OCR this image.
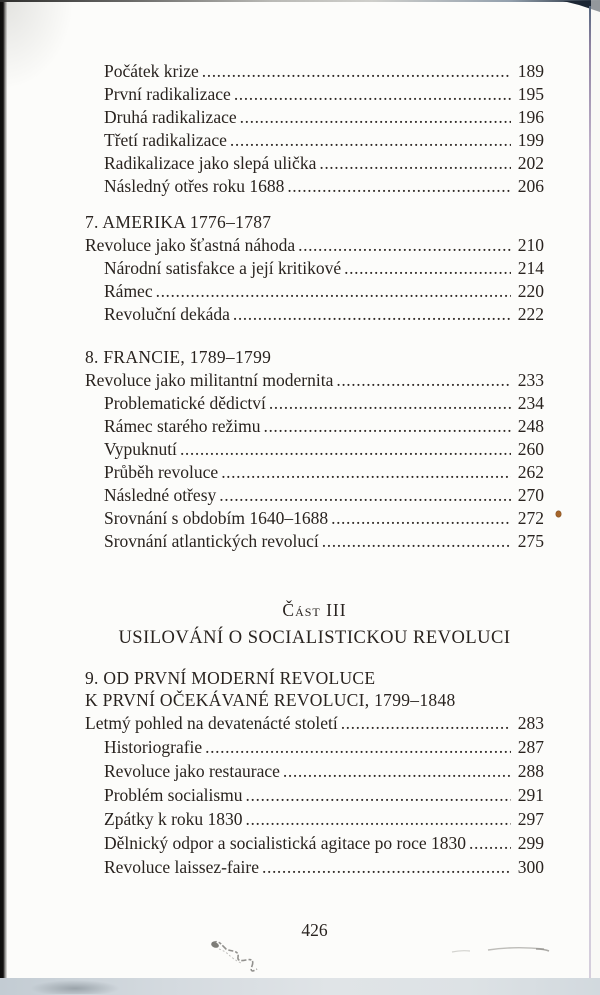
Počátek krize .....	189
První radikalizace .....	195
Druhá radikalizace .....	196
Třetí radikalizace .....	199
Radikalizace jako slepá ulička .....	202
Následný otřes roku 1688 .....	206
7. AMERIKA 1776–1787
Revoluce jako šťastná náhoda .....	210
Národní satisfakce a její kritikové .....	214
Rámec .....	220
Revoluční dekáda .....	222
8. FRANCIE, 1789–1799
Revoluce jako militantní modernita .....	233
Problematické dědictví .....	234
Rámec starého režimu .....	248
Vypuknutí .....	260
Průběh revoluce .....	262
Následné otřesy .....	270
Srovnání s obdobím 1640–1688 .....	272
Srovnání atlantických revolucí .....	275
Část III
USILOVÁNÍ O SOCIALISTICKOU REVOLUCI
9. OD PRVNÍ MODERNÍ REVOLUCE
K PRVNÍ OČEKÁVANÉ REVOLUCI, 1799–1848
Letmý pohled na devatenácté století .....	283
Historiografie .....	287
Revoluce jako restaurace .....	288
Problém socialismu .....	291
Zpátky k roku 1830 .....	297
Dělnický odpor a socialistická agitace po roce 1830 .....	299
Revoluce laissez-faire .....	300
426
